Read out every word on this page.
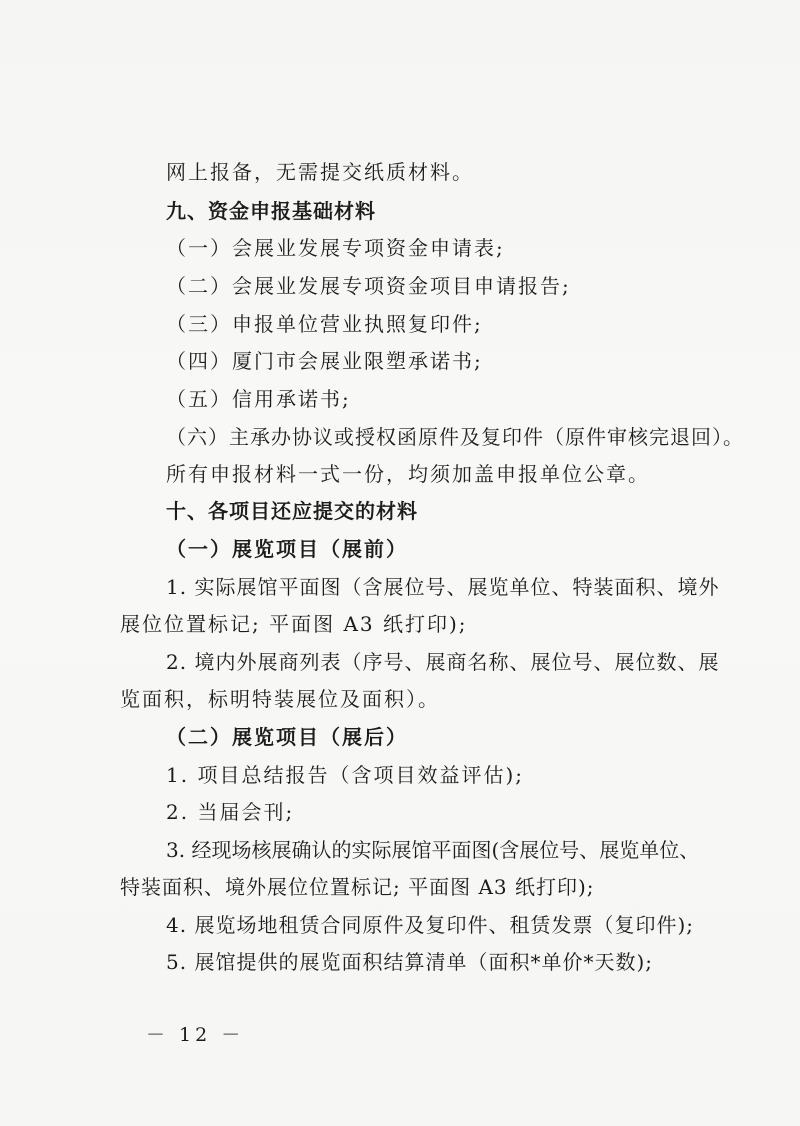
网上报备，无需提交纸质材料。
九、资金申报基础材料
（一）会展业发展专项资金申请表;
（二）会展业发展专项资金项目申请报告;
（三）申报单位营业执照复印件;
（四）厦门市会展业限塑承诺书;
（五）信用承诺书;
（六）主承办协议或授权函原件及复印件（原件审核完退回）。
所有申报材料一式一份，均须加盖申报单位公章。
十、各项目还应提交的材料
（一）展览项目（展前）
1. 实际展馆平面图（含展位号、展览单位、特装面积、境外
展位位置标记; 平面图 A3 纸打印);
2. 境内外展商列表（序号、展商名称、展位号、展位数、展
览面积，标明特装展位及面积）。
（二）展览项目（展后）
1. 项目总结报告（含项目效益评估);
2. 当届会刊;
3. 经现场核展确认的实际展馆平面图(含展位号、展览单位、
特装面积、境外展位位置标记; 平面图 A3 纸打印);
4. 展览场地租赁合同原件及复印件、租赁发票（复印件);
5. 展馆提供的展览面积结算清单（面积*单价*天数);
－ 12 －
